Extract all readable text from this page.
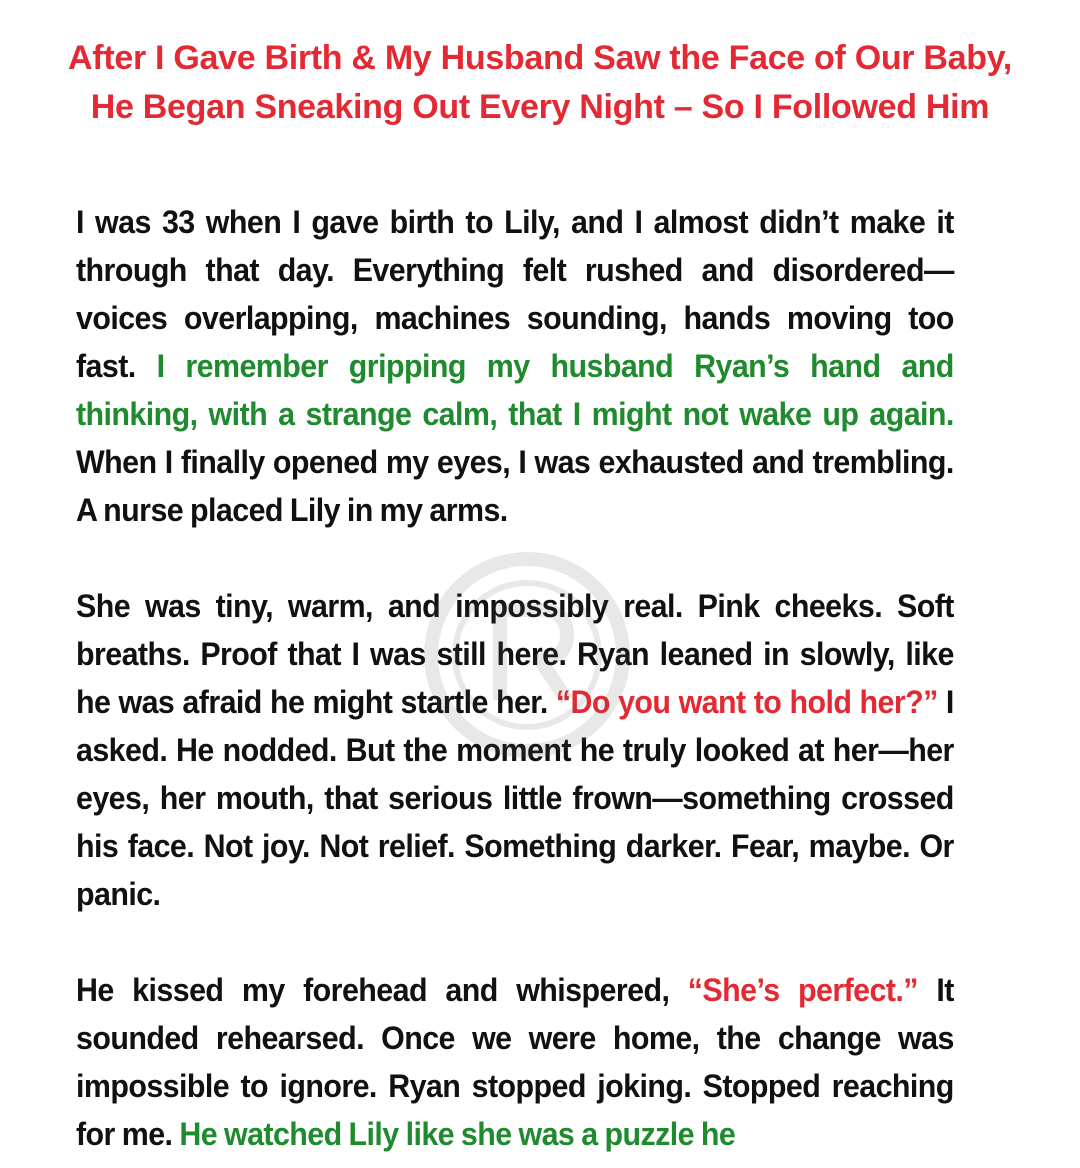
After I Gave Birth & My Husband Saw the Face of Our Baby, He Began Sneaking Out Every Night – So I Followed Him

I was 33 when I gave birth to Lily, and I almost didn’t make it through that day. Everything felt rushed and disordered—voices overlapping, machines sounding, hands moving too fast. I remember gripping my husband Ryan’s hand and thinking, with a strange calm, that I might not wake up again. When I finally opened my eyes, I was exhausted and trembling. A nurse placed Lily in my arms.

She was tiny, warm, and impossibly real. Pink cheeks. Soft breaths. Proof that I was still here. Ryan leaned in slowly, like he was afraid he might startle her. “Do you want to hold her?” I asked. He nodded. But the moment he truly looked at her—her eyes, her mouth, that serious little frown—something crossed his face. Not joy. Not relief. Something darker. Fear, maybe. Or panic.

He kissed my forehead and whispered, “She’s perfect.” It sounded rehearsed. Once we were home, the change was impossible to ignore. Ryan stopped joking. Stopped reaching for me. He watched Lily like she was a puzzle he
